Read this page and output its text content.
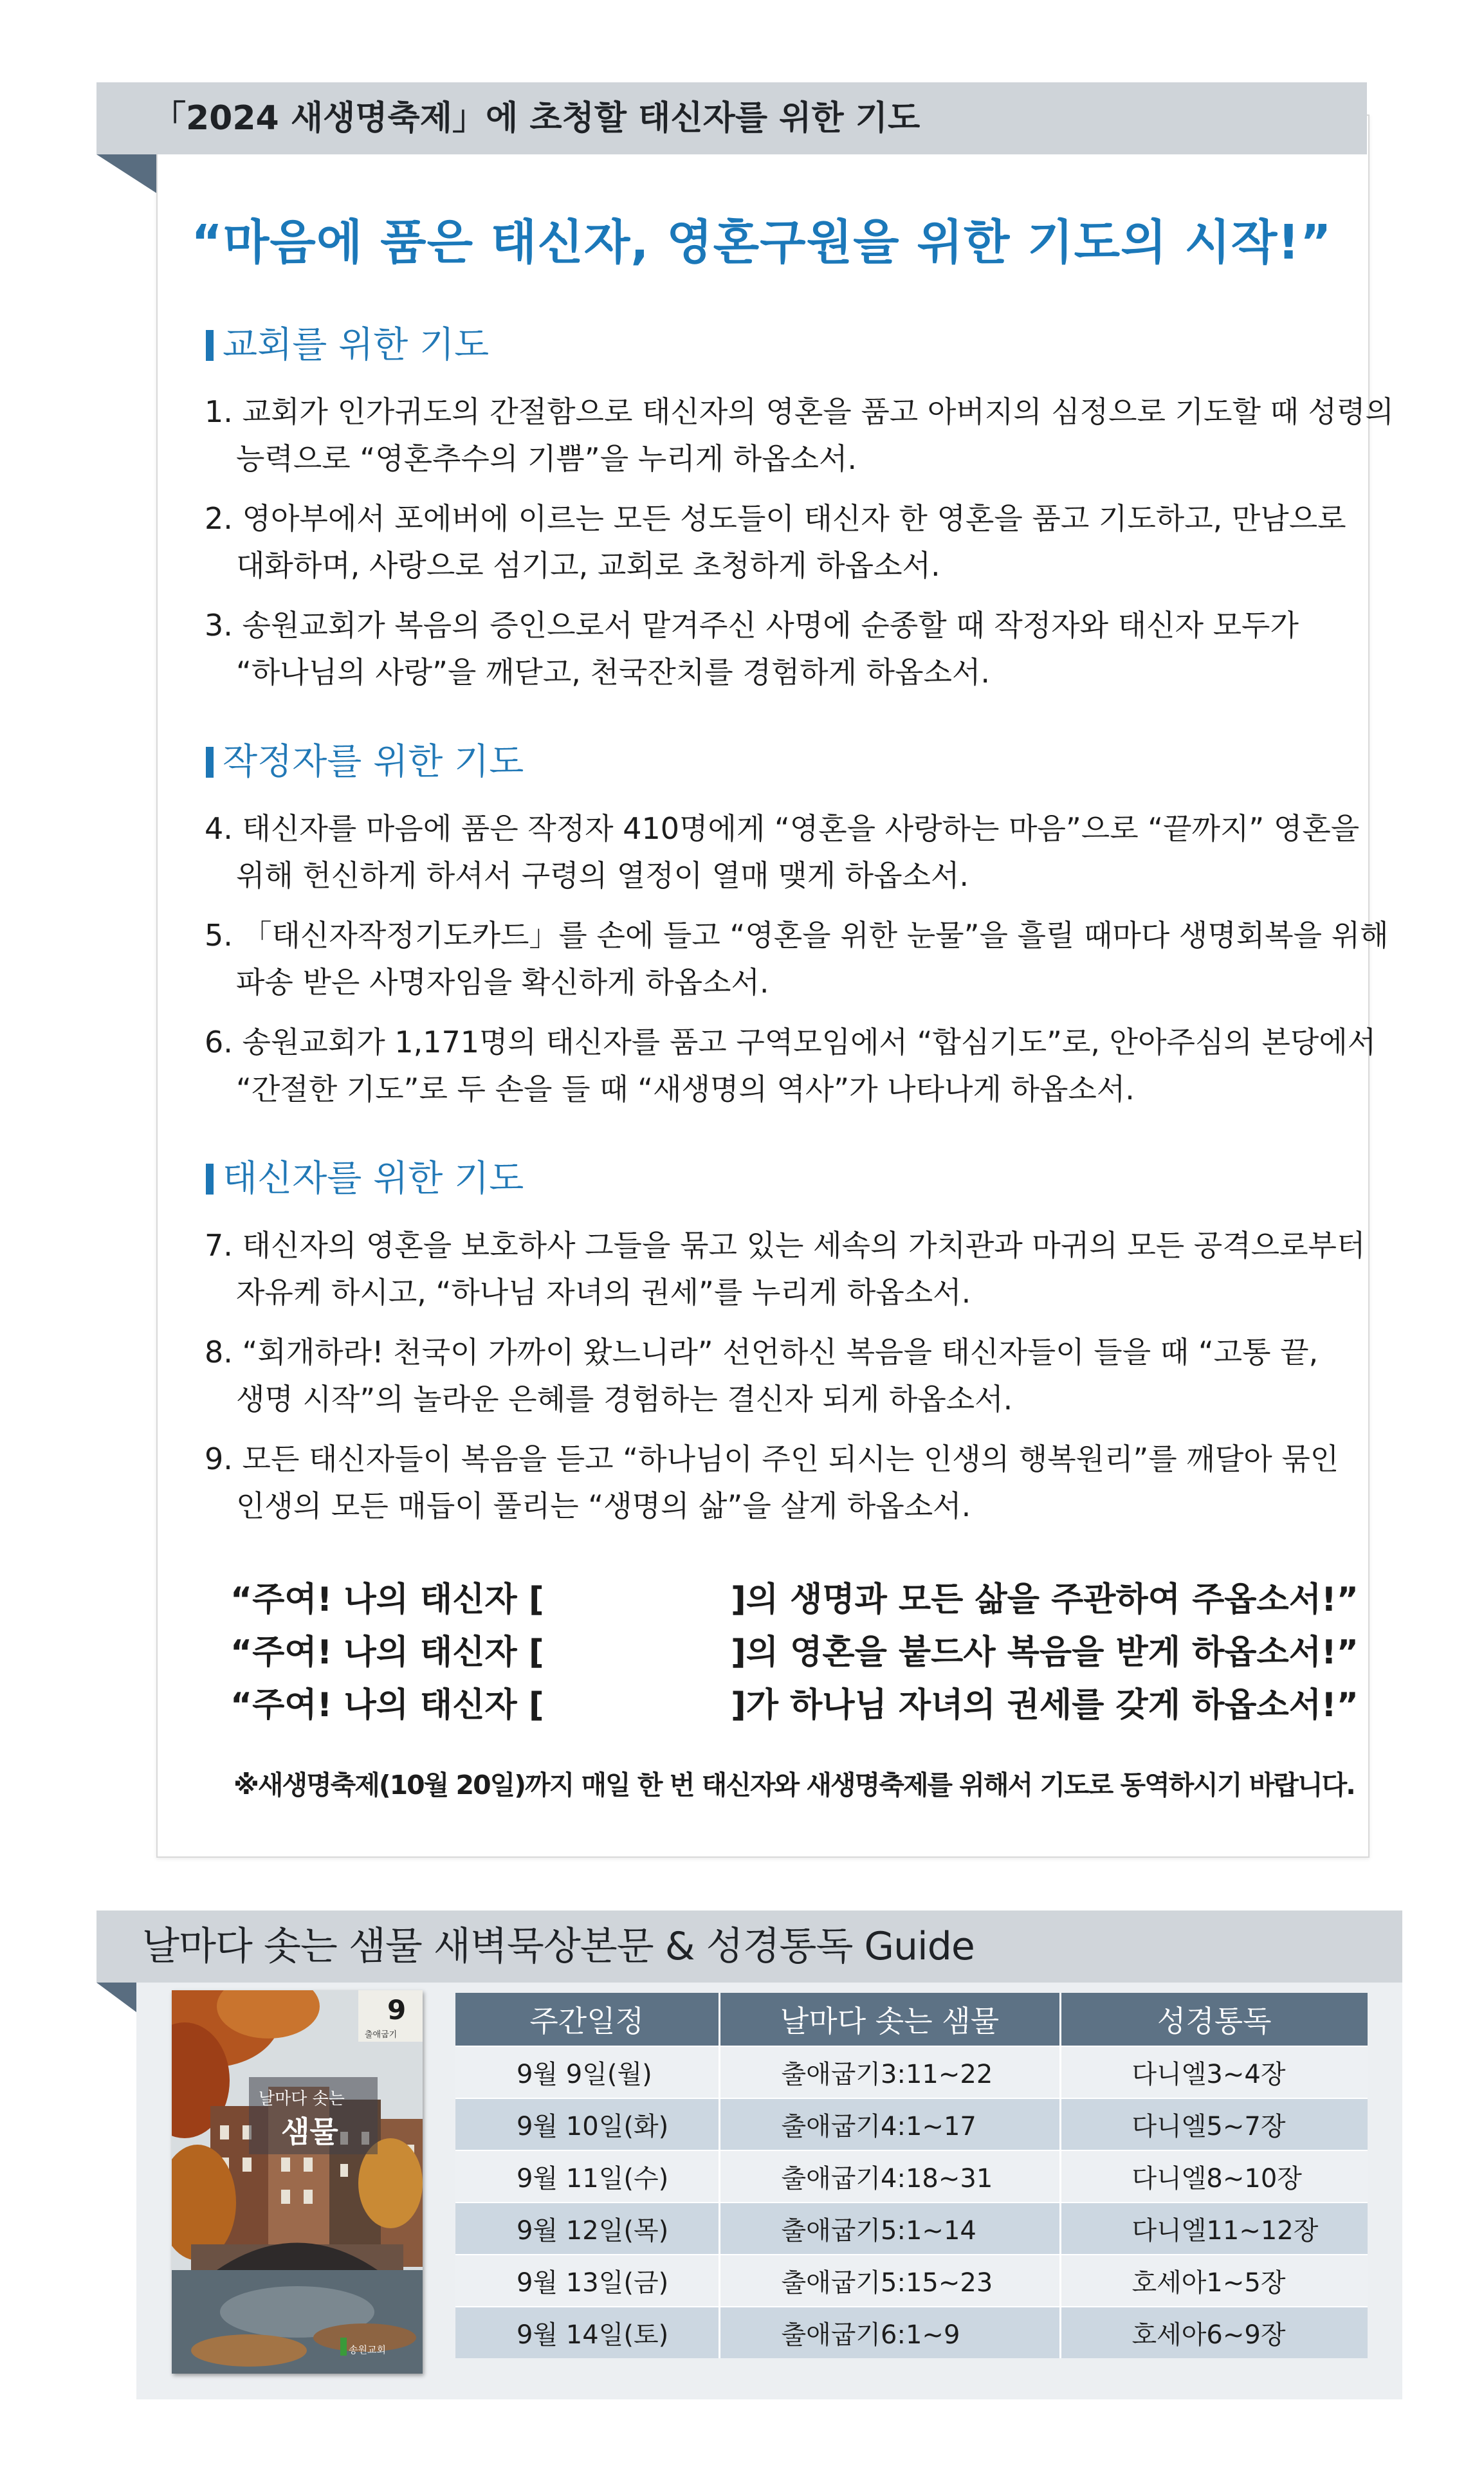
「2024 새생명축제」에 초청할 태신자를 위한 기도
“마음에 품은 태신자, 영혼구원을 위한 기도의 시작!”
교회를 위한 기도
1. 교회가 인가귀도의 간절함으로 태신자의 영혼을 품고 아버지의 심정으로 기도할 때 성령의
능력으로 “영혼추수의 기쁨”을 누리게 하옵소서.
2. 영아부에서 포에버에 이르는 모든 성도들이 태신자 한 영혼을 품고 기도하고, 만남으로
대화하며, 사랑으로 섬기고, 교회로 초청하게 하옵소서.
3. 송원교회가 복음의 증인으로서 맡겨주신 사명에 순종할 때 작정자와 태신자 모두가
“하나님의 사랑”을 깨닫고, 천국잔치를 경험하게 하옵소서.
작정자를 위한 기도
4. 태신자를 마음에 품은 작정자 410명에게 “영혼을 사랑하는 마음”으로 “끝까지” 영혼을
위해 헌신하게 하셔서 구령의 열정이 열매 맺게 하옵소서.
5. 「태신자작정기도카드」를 손에 들고 “영혼을 위한 눈물”을 흘릴 때마다 생명회복을 위해
파송 받은 사명자임을 확신하게 하옵소서.
6. 송원교회가 1,171명의 태신자를 품고 구역모임에서 “합심기도”로, 안아주심의 본당에서
“간절한 기도”로 두 손을 들 때 “새생명의 역사”가 나타나게 하옵소서.
태신자를 위한 기도
7. 태신자의 영혼을 보호하사 그들을 묶고 있는 세속의 가치관과 마귀의 모든 공격으로부터
자유케 하시고, “하나님 자녀의 권세”를 누리게 하옵소서.
8. “회개하라! 천국이 가까이 왔느니라” 선언하신 복음을 태신자들이 들을 때 “고통 끝,
생명 시작”의 놀라운 은혜를 경험하는 결신자 되게 하옵소서.
9. 모든 태신자들이 복음을 듣고 “하나님이 주인 되시는 인생의 행복원리”를 깨달아 묶인
인생의 모든 매듭이 풀리는 “생명의 삶”을 살게 하옵소서.
“주여! 나의 태신자 [	]의 생명과 모든 삶을 주관하여 주옵소서!”
“주여! 나의 태신자 [	]의 영혼을 붙드사 복음을 받게 하옵소서!”
“주여! 나의 태신자 [	]가 하나님 자녀의 권세를 갖게 하옵소서!”
※새생명축제(10월 20일)까지 매일 한 번 태신자와 새생명축제를 위해서 기도로 동역하시기 바랍니다.
날마다 솟는 샘물 새벽묵상본문 & 성경통독 Guide
9
출애굽기
날마다 솟는
샘물
송원교회
주간일정	날마다 솟는 샘물	성경통독
9월 9일(월)	출애굽기3:11~22	다니엘3~4장
9월 10일(화)	출애굽기4:1~17	다니엘5~7장
9월 11일(수)	출애굽기4:18~31	다니엘8~10장
9월 12일(목)	출애굽기5:1~14	다니엘11~12장
9월 13일(금)	출애굽기5:15~23	호세아1~5장
9월 14일(토)	출애굽기6:1~9	호세아6~9장
